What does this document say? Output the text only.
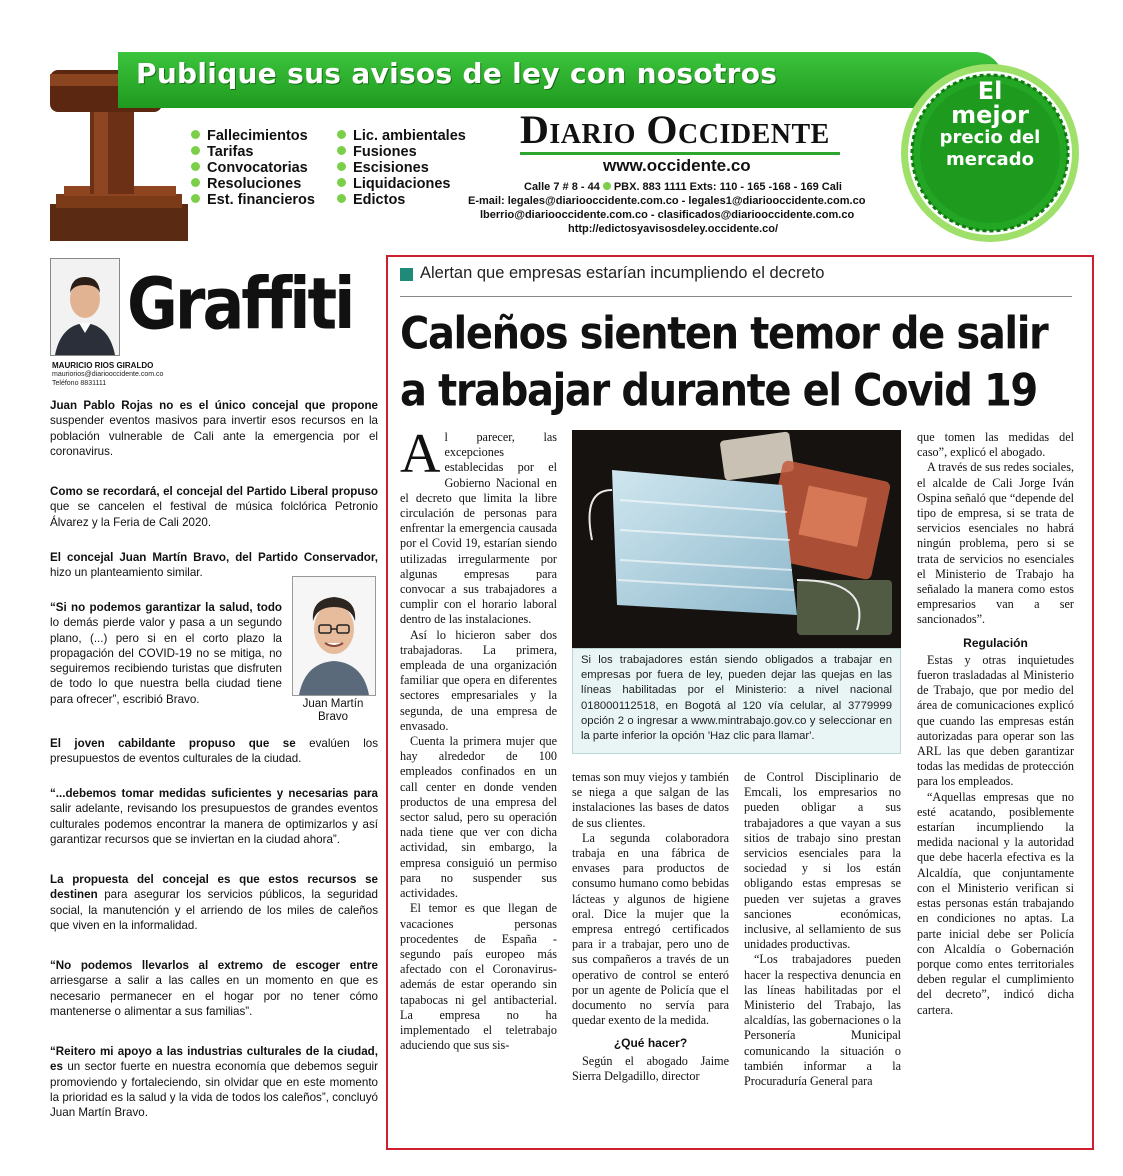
Publique sus avisos de ley con nosotros
Fallecimientos
Tarifas
Convocatorias
Resoluciones
Est. financieros
Lic. ambientales
Fusiones
Escisiones
Liquidaciones
Edictos
Diario Occidente
www.occidente.co
Calle 7 # 8 - 44 PBX. 883 1111 Exts: 110 - 165 -168 - 169 Cali
E-mail: legales@diariooccidente.com.co - legales1@diariooccidente.com.co
lberrio@diariooccidente.com.co - clasificados@diariooccidente.com.co
http://edictosyavisosdeley.occidente.co/
El
mejor
precio del
mercado
Graffiti
MAURICIO RIOS GIRALDO
mauriorios@diariooccidente.com.co
Teléfono 8831111

Juan Pablo Rojas no es el único concejal que propone suspender eventos masivos para invertir esos recursos en la población vulnerable de Cali ante la emergencia por el coronavirus.

Como se recordará, el concejal del Partido Liberal propuso que se cancelen el festival de música folclórica Petronio Álvarez y la Feria de Cali 2020.

El concejal Juan Martín Bravo, del Partido Conservador, hizo un planteamiento similar.

“Si no podemos garantizar la salud, todo lo demás pierde valor y pasa a un segundo plano, (...) pero si en el corto plazo la propagación del COVID-19 no se mitiga, no seguiremos recibiendo turistas que disfruten de todo lo que nuestra bella ciudad tiene para ofrecer”, escribió Bravo.	Juan Martín Bravo

El joven cabildante propuso que se evalúen los presupuestos de eventos culturales de la ciudad.

“...debemos tomar medidas suficientes y necesarias para salir adelante, revisando los presupuestos de grandes eventos culturales podemos encontrar la manera de optimizarlos y así garantizar recursos que se inviertan en la ciudad ahora”.

La propuesta del concejal es que estos recursos se destinen para asegurar los servicios públicos, la seguridad social, la manutención y el arriendo de los miles de caleños que viven en la informalidad.

“No podemos llevarlos al extremo de escoger entre arriesgarse a salir a las calles en un momento en que es necesario permanecer en el hogar por no tener cómo mantenerse o alimentar a sus familias”.

“Reitero mi apoyo a las industrias culturales de la ciudad, es un sector fuerte en nuestra economía que debemos seguir promoviendo y fortaleciendo, sin olvidar que en este momento la prioridad es la salud y la vida de todos los caleños”, concluyó Juan Martín Bravo.

Alertan que empresas estarían incumpliendo el decreto
Caleños sienten temor de salir a trabajar durante el Covid 19

Al parecer, las excepciones establecidas por el Gobierno Nacional en el decreto que limita la libre circulación de personas para enfrentar la emergencia causada por el Covid 19, estarían siendo utilizadas irregularmente por algunas empresas para convocar a sus trabajadores a cumplir con el horario laboral dentro de las instalaciones.

Así lo hicieron saber dos trabajadoras. La primera, empleada de una organización familiar que opera en diferentes sectores empresariales y la segunda, de una empresa de envasado.

Cuenta la primera mujer que hay alrededor de 100 empleados confinados en un call center en donde venden productos de una empresa del sector salud, pero su operación nada tiene que ver con dicha actividad, sin embargo, la empresa consiguió un permiso para no suspender sus actividades.

El temor es que llegan de vacaciones personas procedentes de España -segundo país europeo más afectado con el Coronavirus- además de estar operando sin tapabocas ni gel antibacterial. La empresa no ha implementado el teletrabajo aduciendo que sus sis-

Si los trabajadores están siendo obligados a trabajar en empresas por fuera de ley, pueden dejar las quejas en las líneas habilitadas por el Ministerio: a nivel nacional 018000112518, en Bogotá al 120 vía celular, al 3779999 opción 2 o ingresar a www.mintrabajo.gov.co y seleccionar en la parte inferior la opción 'Haz clic para llamar'.

temas son muy viejos y también se niega a que salgan de las instalaciones las bases de datos de sus clientes.

La segunda colaboradora trabaja en una fábrica de envases para productos de consumo humano como bebidas lácteas y algunos de higiene oral. Dice la mujer que la empresa entregó certificados para ir a trabajar, pero uno de sus compañeros a través de un operativo de control se enteró por un agente de Policía que el documento no servía para quedar exento de la medida.

¿Qué hacer?

Según el abogado Jaime Sierra Delgadillo, director

de Control Disciplinario de Emcali, los empresarios no pueden obligar a sus trabajadores a que vayan a sus sitios de trabajo sino prestan servicios esenciales para la sociedad y si los están obligando estas empresas se pueden ver sujetas a graves sanciones económicas, inclusive, al sellamiento de sus unidades productivas.

“Los trabajadores pueden hacer la respectiva denuncia en las líneas habilitadas por el Ministerio del Trabajo, las alcaldías, las gobernaciones o la Personería Municipal comunicando la situación o también informar a la Procuraduría General para

que tomen las medidas del caso”, explicó el abogado.

A través de sus redes sociales, el alcalde de Cali Jorge Iván Ospina señaló que “depende del tipo de empresa, si se trata de servicios esenciales no habrá ningún problema, pero si se trata de servicios no esenciales el Ministerio de Trabajo ha señalado la manera como estos empresarios van a ser sancionados”.

Regulación

Estas y otras inquietudes fueron trasladadas al Ministerio de Trabajo, que por medio del área de comunicaciones explicó que cuando las empresas están autorizadas para operar son las ARL las que deben garantizar todas las medidas de protección para los empleados.

“Aquellas empresas que no esté acatando, posiblemente estarían incumpliendo la medida nacional y la autoridad que debe hacerla efectiva es la Alcaldía, que conjuntamente con el Ministerio verifican si estas personas están trabajando en condiciones no aptas. La parte inicial debe ser Policía con Alcaldía o Gobernación porque como entes territoriales deben regular el cumplimiento del decreto”, indicó dicha cartera.
